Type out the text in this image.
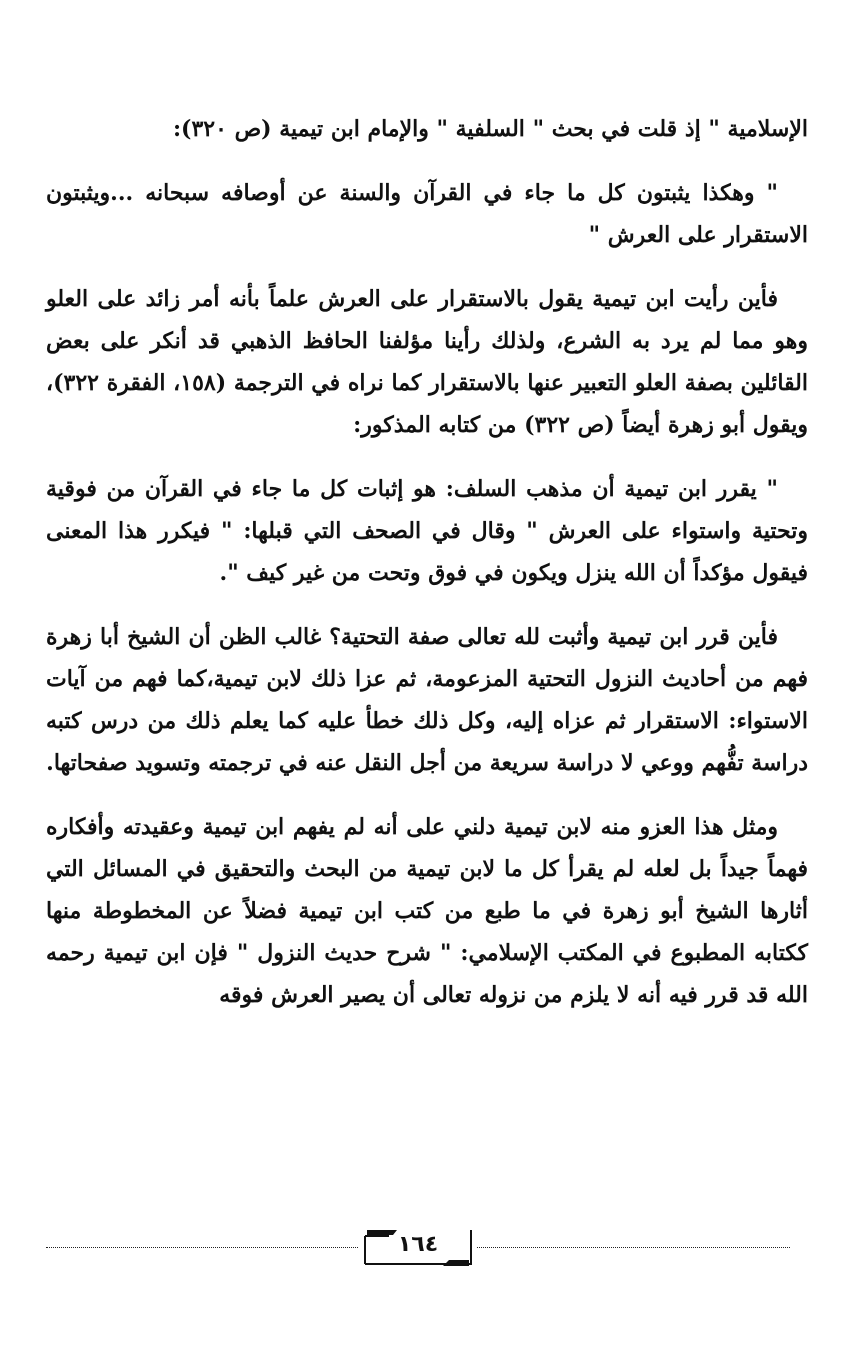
الإسلامية " إذ قلت في بحث " السلفية " والإمام ابن تيمية (ص ٣٢٠):

" وهكذا يثبتون كل ما جاء في القرآن والسنة عن أوصافه سبحانه ...ويثبتون الاستقرار على العرش "

فأين رأيت ابن تيمية يقول بالاستقرار على العرش علماً بأنه أمر زائد على العلو وهو مما لم يرد به الشرع، ولذلك رأينا مؤلفنا الحافظ الذهبي قد أنكر على بعض القائلين بصفة العلو التعبير عنها بالاستقرار كما نراه في الترجمة (١٥٨، الفقرة ٣٢٢)، ويقول أبو زهرة أيضاً (ص ٣٢٢) من كتابه المذكور:

" يقرر ابن تيمية أن مذهب السلف: هو إثبات كل ما جاء في القرآن من فوقية وتحتية واستواء على العرش " وقال في الصحف التي قبلها: " فيكرر هذا المعنى فيقول مؤكداً أن الله ينزل ويكون في فوق وتحت من غير كيف ".

فأين قرر ابن تيمية وأثبت لله تعالى صفة التحتية؟ غالب الظن أن الشيخ أبا زهرة فهم من أحاديث النزول التحتية المزعومة، ثم عزا ذلك لابن تيمية،كما فهم من آيات الاستواء: الاستقرار ثم عزاه إليه، وكل ذلك خطأ عليه كما يعلم ذلك من درس كتبه دراسة تفُّهم ووعي لا دراسة سريعة من أجل النقل عنه في ترجمته وتسويد صفحاتها.

ومثل هذا العزو منه لابن تيمية دلني على أنه لم يفهم ابن تيمية وعقيدته وأفكاره فهماً جيداً بل لعله لم يقرأ كل ما لابن تيمية من البحث والتحقيق في المسائل التي أثارها الشيخ أبو زهرة في ما طبع من كتب ابن تيمية فضلاً عن المخطوطة منها ككتابه المطبوع في المكتب الإسلامي: " شرح حديث النزول " فإن ابن تيمية رحمه الله قد قرر فيه أنه لا يلزم من نزوله تعالى أن يصير العرش فوقه

١٦٤
